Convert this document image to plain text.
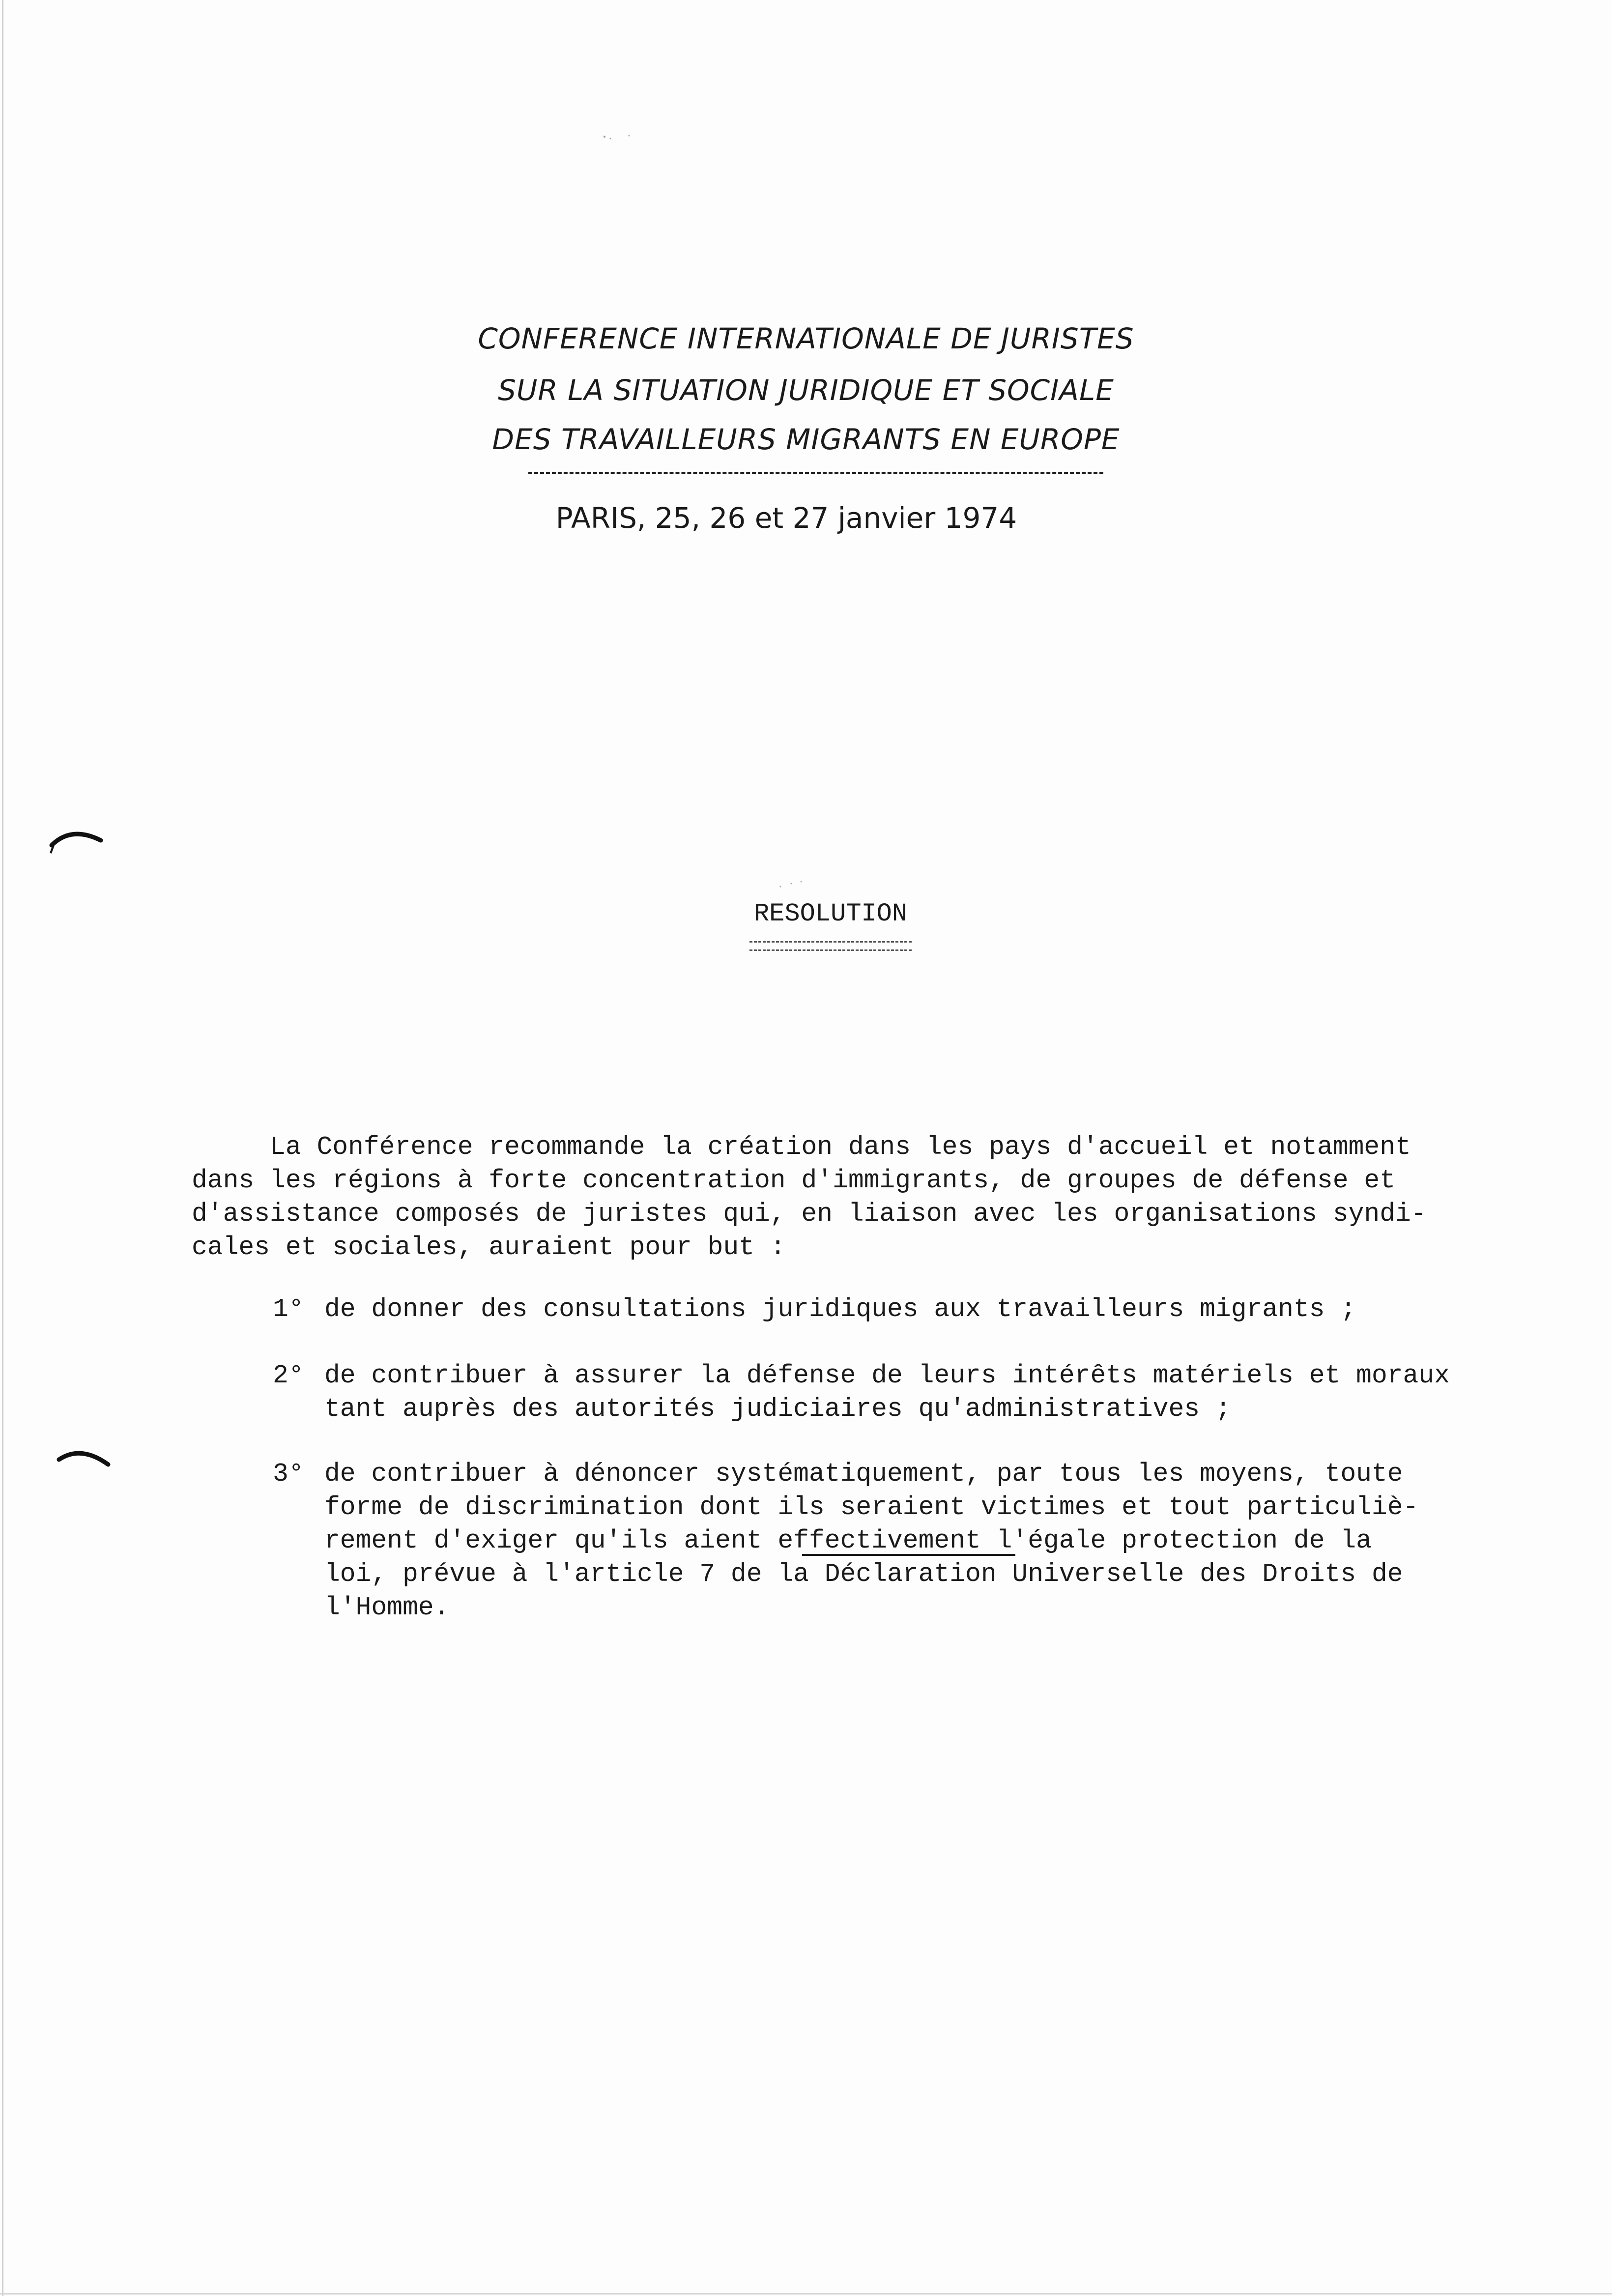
CONFERENCE INTERNATIONALE DE JURISTES
SUR LA SITUATION JURIDIQUE ET SOCIALE
DES TRAVAILLEURS MIGRANTS EN EUROPE
PARIS, 25, 26 et 27 janvier 1974
RESOLUTION
La Conférence recommande la création dans les pays d'accueil et notamment
dans les régions à forte concentration d'immigrants, de groupes de défense et
d'assistance composés de juristes qui, en liaison avec les organisations syndi-
cales et sociales, auraient pour but :
1° de donner des consultations juridiques aux travailleurs migrants ;
2° de contribuer à assurer la défense de leurs intérêts matériels et moraux
tant auprès des autorités judiciaires qu'administratives ;
3° de contribuer à dénoncer systématiquement, par tous les moyens, toute
forme de discrimination dont ils seraient victimes et tout particuliè-
rement d'exiger qu'ils aient effectivement l'égale protection de la
loi, prévue à l'article 7 de la Déclaration Universelle des Droits de
l'Homme.
